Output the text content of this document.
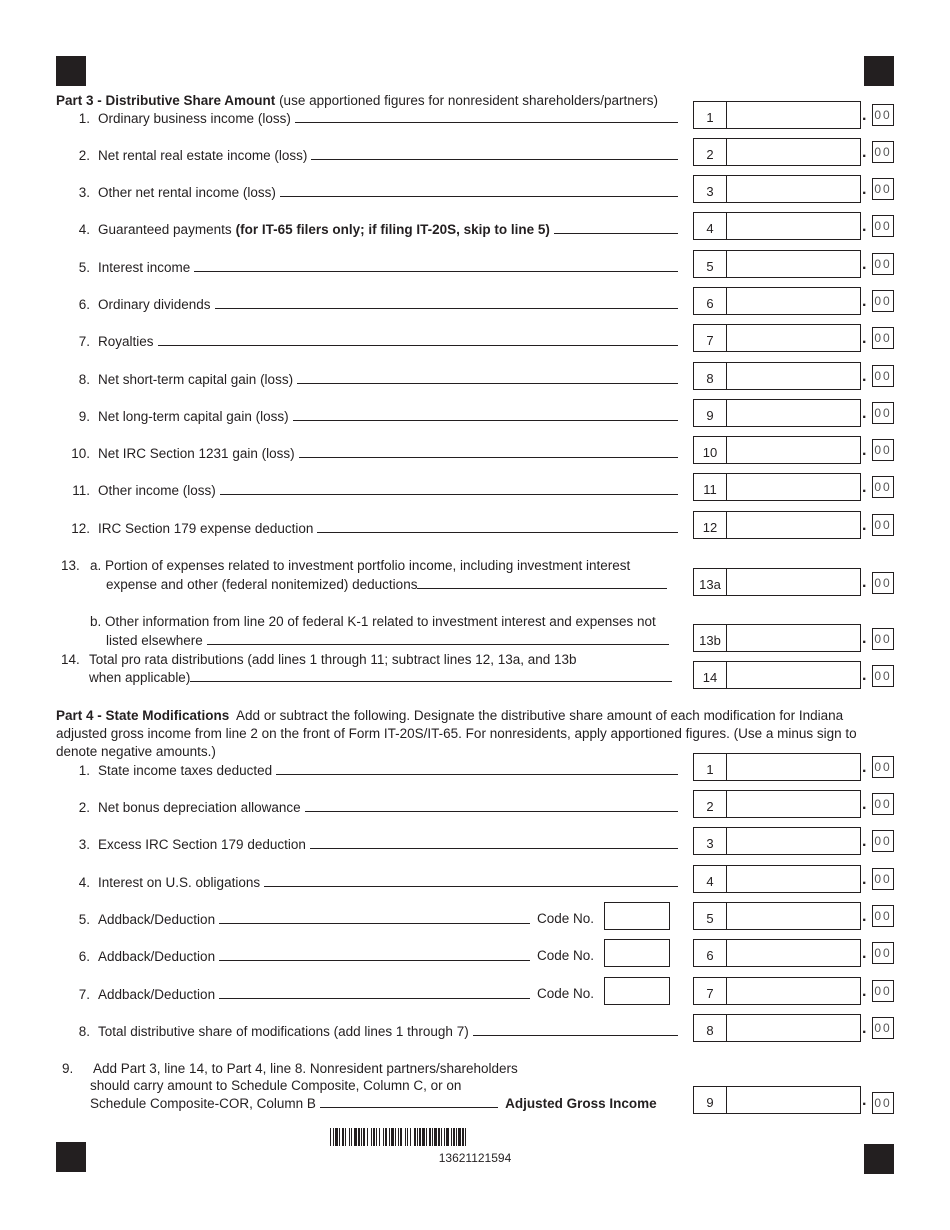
Part 3 - Distributive Share Amount (use apportioned figures for nonresident shareholders/partners)
1. Ordinary business income (loss)	1	. 00
2. Net rental real estate income (loss)	2	. 00
3. Other net rental income (loss)	3	. 00
4. Guaranteed payments (for IT-65 filers only; if filing IT-20S, skip to line 5)	4	. 00
5. Interest income	5	. 00
6. Ordinary dividends	6	. 00
7. Royalties	7	. 00
8. Net short-term capital gain (loss)	8	. 00
9. Net long-term capital gain (loss)	9	. 00
10. Net IRC Section 1231 gain (loss)	10	. 00
11. Other income (loss)	11	. 00
12. IRC Section 179 expense deduction	12	. 00
13. a. Portion of expenses related to investment portfolio income, including investment interest
expense and other (federal nonitemized) deductions	13a	. 00
b. Other information from line 20 of federal K-1 related to investment interest and expenses not
listed elsewhere	13b	. 00
14. Total pro rata distributions (add lines 1 through 11; subtract lines 12, 13a, and 13b
when applicable)	14	. 00
Part 4 - State Modifications Add or subtract the following. Designate the distributive share amount of each modification for Indiana
adjusted gross income from line 2 on the front of Form IT-20S/IT-65. For nonresidents, apply apportioned figures. (Use a minus sign to
denote negative amounts.)
1. State income taxes deducted	1	. 00
2. Net bonus depreciation allowance	2	. 00
3. Excess IRC Section 179 deduction	3	. 00
4. Interest on U.S. obligations	4	. 00
5. Addback/Deduction	Code No.	5	. 00
6. Addback/Deduction	Code No.	6	. 00
7. Addback/Deduction	Code No.	7	. 00
8. Total distributive share of modifications (add lines 1 through 7)	8	. 00
9. Add Part 3, line 14, to Part 4, line 8. Nonresident partners/shareholders
should carry amount to Schedule Composite, Column C, or on
Schedule Composite-COR, Column B	Adjusted Gross Income	9	. 00
13621121594
